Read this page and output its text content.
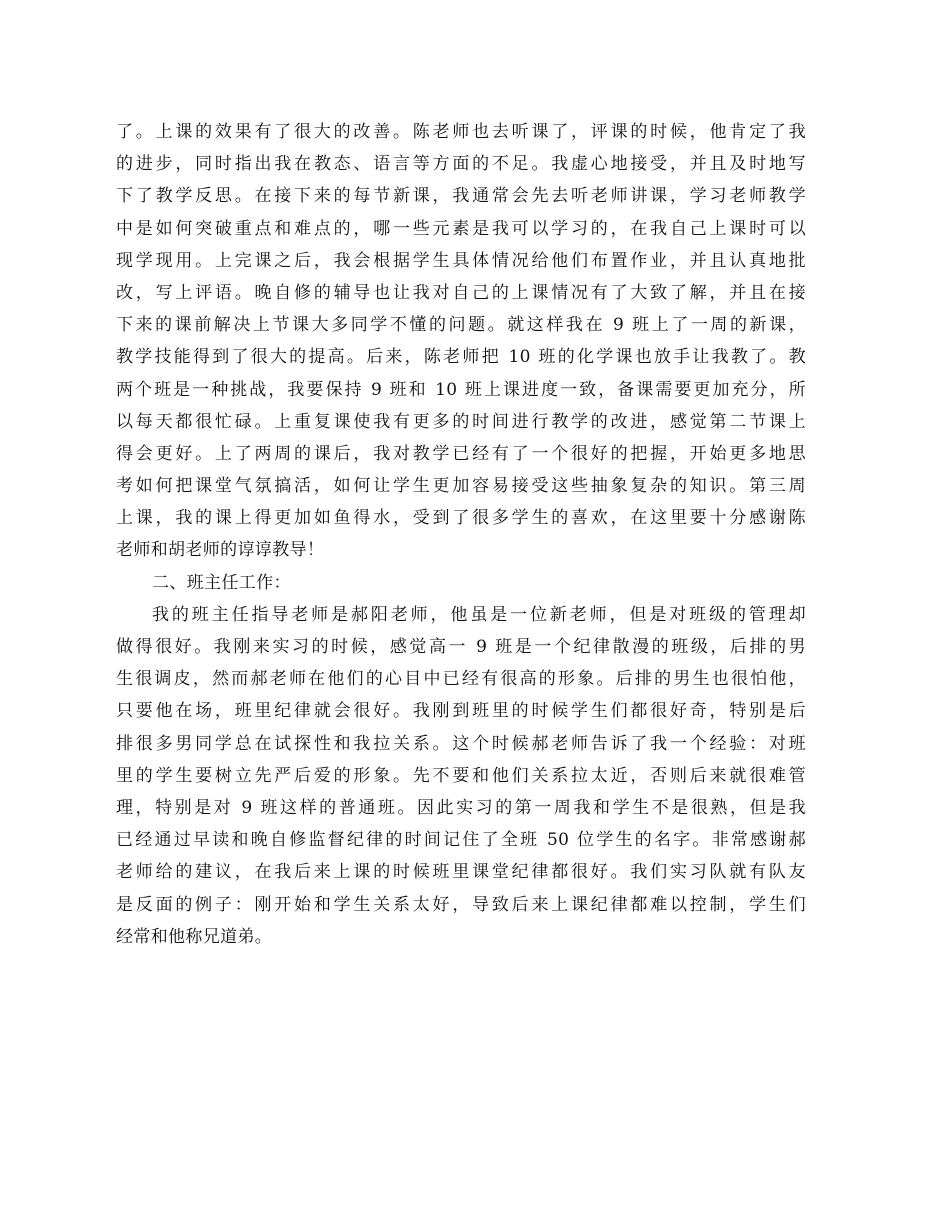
了。上课的效果有了很大的改善。陈老师也去听课了，评课的时候，他肯定了我
的进步，同时指出我在教态、语言等方面的不足。我虚心地接受，并且及时地写
下了教学反思。在接下来的每节新课，我通常会先去听老师讲课，学习老师教学
中是如何突破重点和难点的，哪一些元素是我可以学习的，在我自己上课时可以
现学现用。上完课之后，我会根据学生具体情况给他们布置作业，并且认真地批
改，写上评语。晚自修的辅导也让我对自己的上课情况有了大致了解，并且在接
下来的课前解决上节课大多同学不懂的问题。就这样我在 9 班上了一周的新课，
教学技能得到了很大的提高。后来，陈老师把 10 班的化学课也放手让我教了。教
两个班是一种挑战，我要保持 9 班和 10 班上课进度一致，备课需要更加充分，所
以每天都很忙碌。上重复课使我有更多的时间进行教学的改进，感觉第二节课上
得会更好。上了两周的课后，我对教学已经有了一个很好的把握，开始更多地思
考如何把课堂气氛搞活，如何让学生更加容易接受这些抽象复杂的知识。第三周
上课，我的课上得更加如鱼得水，受到了很多学生的喜欢，在这里要十分感谢陈
老师和胡老师的谆谆教导！
二、班主任工作：
我的班主任指导老师是郝阳老师，他虽是一位新老师，但是对班级的管理却
做得很好。我刚来实习的时候，感觉高一 9 班是一个纪律散漫的班级，后排的男
生很调皮，然而郝老师在他们的心目中已经有很高的形象。后排的男生也很怕他，
只要他在场，班里纪律就会很好。我刚到班里的时候学生们都很好奇，特别是后
排很多男同学总在试探性和我拉关系。这个时候郝老师告诉了我一个经验：对班
里的学生要树立先严后爱的形象。先不要和他们关系拉太近，否则后来就很难管
理，特别是对 9 班这样的普通班。因此实习的第一周我和学生不是很熟，但是我
已经通过早读和晚自修监督纪律的时间记住了全班 50 位学生的名字。非常感谢郝
老师给的建议，在我后来上课的时候班里课堂纪律都很好。我们实习队就有队友
是反面的例子：刚开始和学生关系太好，导致后来上课纪律都难以控制，学生们
经常和他称兄道弟。
